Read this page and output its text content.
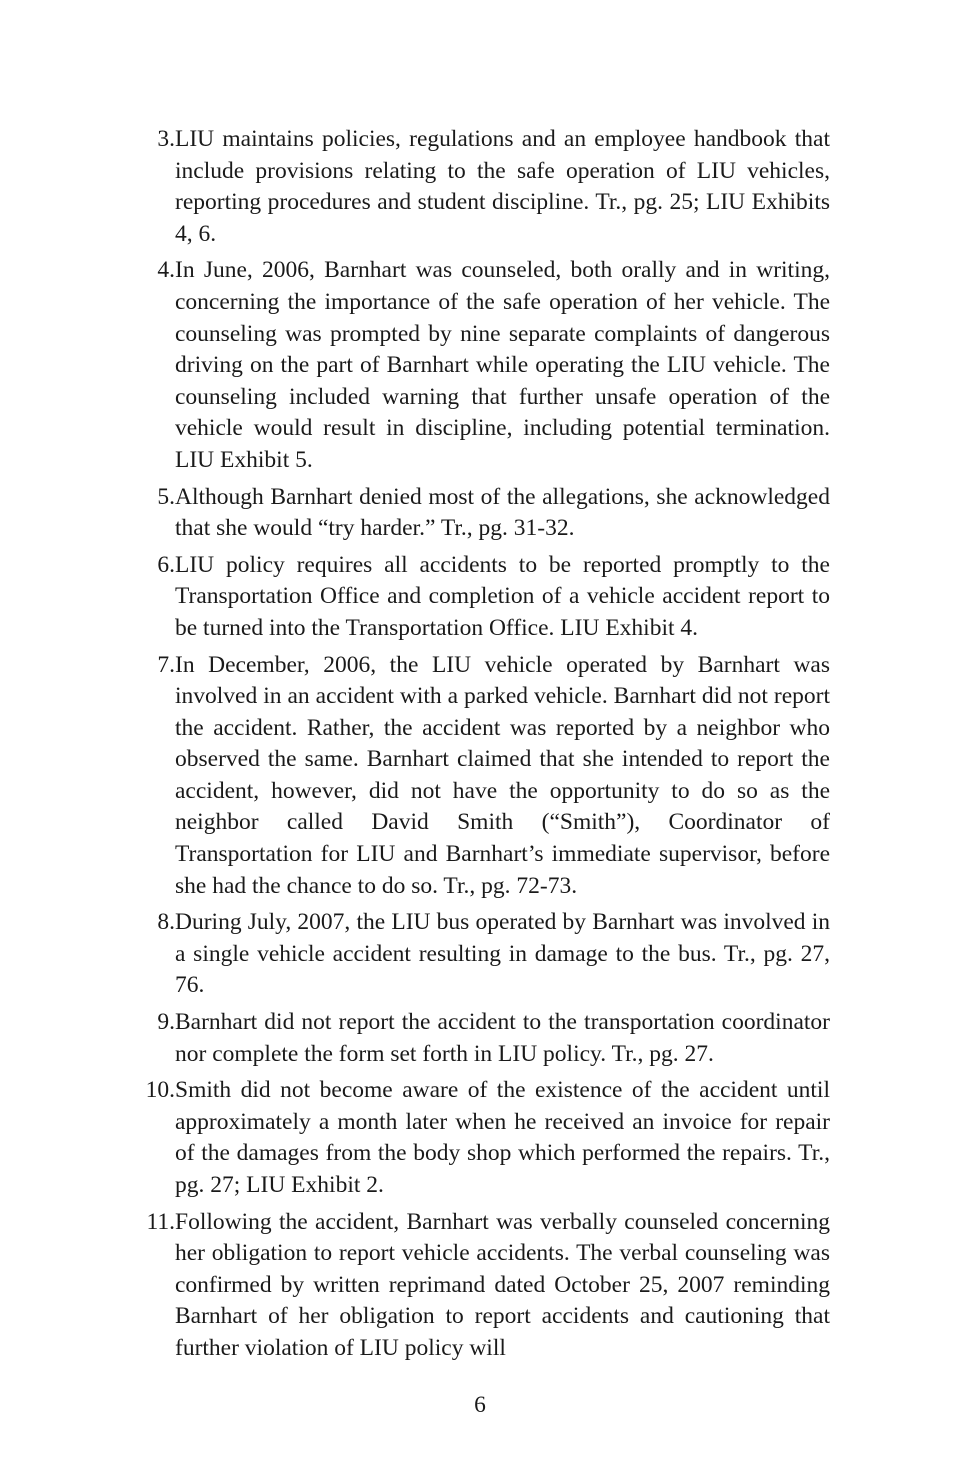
3. LIU maintains policies, regulations and an employee handbook that include provisions relating to the safe operation of LIU vehicles, reporting procedures and student discipline. Tr., pg. 25; LIU Exhibits 4, 6.
4. In June, 2006, Barnhart was counseled, both orally and in writing, concerning the importance of the safe operation of her vehicle. The counseling was prompted by nine separate complaints of dangerous driving on the part of Barnhart while operating the LIU vehicle. The counseling included warning that further unsafe operation of the vehicle would result in discipline, including potential termination. LIU Exhibit 5.
5. Although Barnhart denied most of the allegations, she acknowledged that she would “try harder.” Tr., pg. 31-32.
6. LIU policy requires all accidents to be reported promptly to the Transportation Office and completion of a vehicle accident report to be turned into the Transportation Office. LIU Exhibit 4.
7. In December, 2006, the LIU vehicle operated by Barnhart was involved in an accident with a parked vehicle. Barnhart did not report the accident. Rather, the accident was reported by a neighbor who observed the same. Barnhart claimed that she intended to report the accident, however, did not have the opportunity to do so as the neighbor called David Smith (“Smith”), Coordinator of Transportation for LIU and Barnhart’s immediate supervisor, before she had the chance to do so. Tr., pg. 72-73.
8. During July, 2007, the LIU bus operated by Barnhart was involved in a single vehicle accident resulting in damage to the bus. Tr., pg. 27, 76.
9. Barnhart did not report the accident to the transportation coordinator nor complete the form set forth in LIU policy. Tr., pg. 27.
10. Smith did not become aware of the existence of the accident until approximately a month later when he received an invoice for repair of the damages from the body shop which performed the repairs. Tr., pg. 27; LIU Exhibit 2.
11. Following the accident, Barnhart was verbally counseled concerning her obligation to report vehicle accidents. The verbal counseling was confirmed by written reprimand dated October 25, 2007 reminding Barnhart of her obligation to report accidents and cautioning that further violation of LIU policy will
6
